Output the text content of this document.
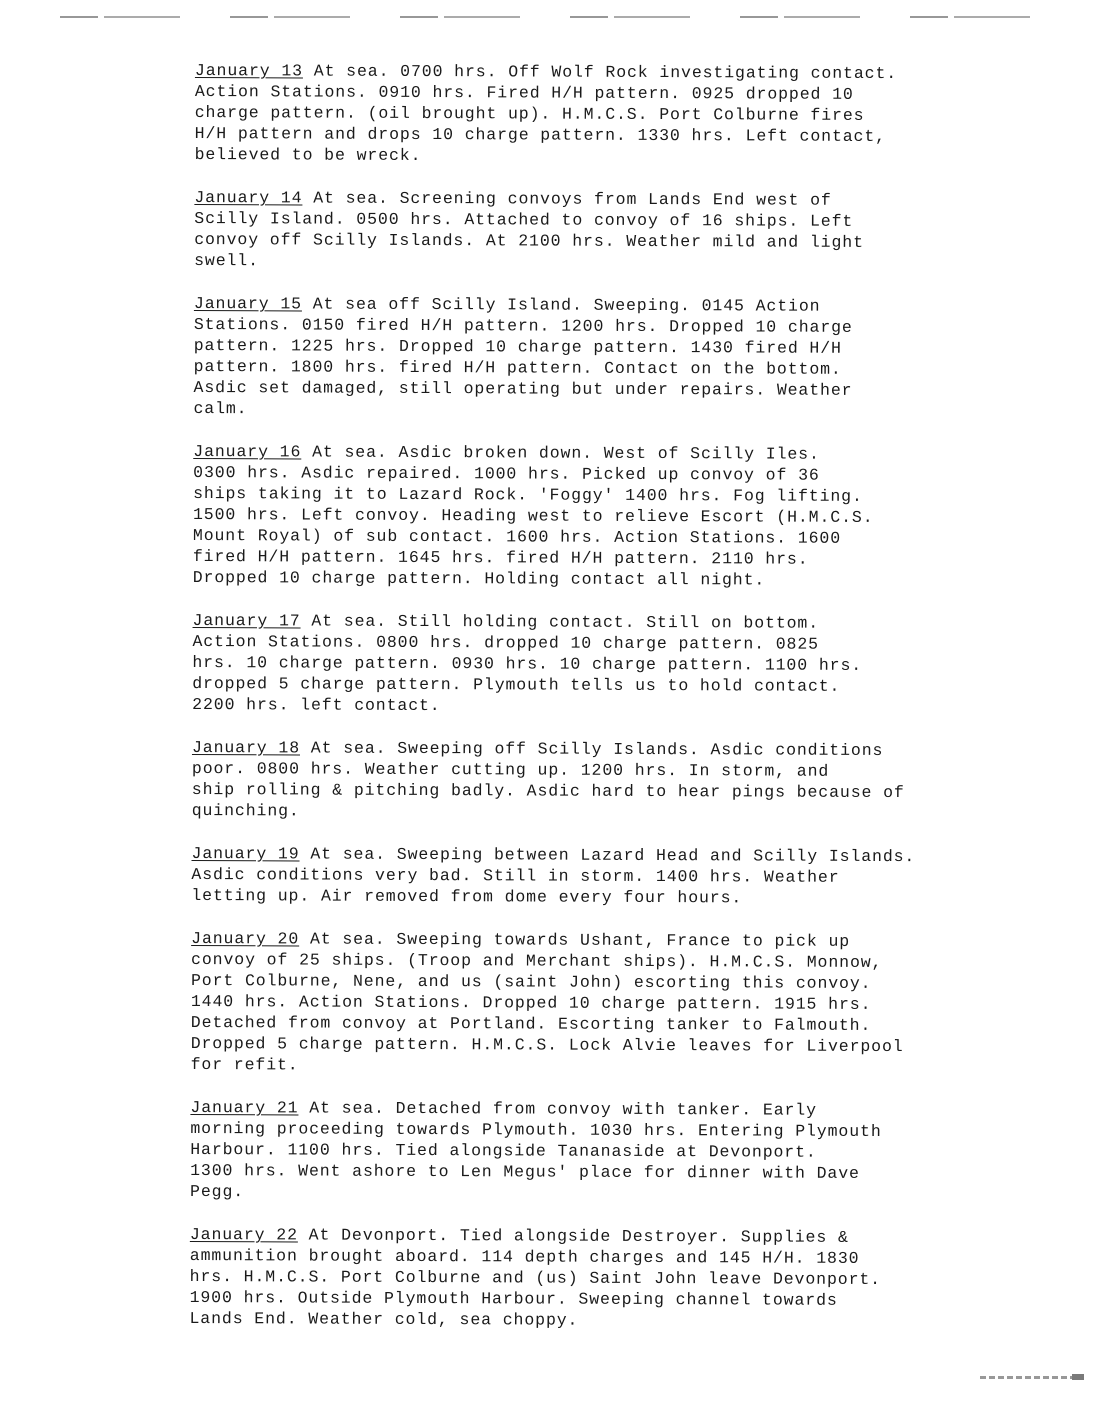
January 13 At sea. 0700 hrs. Off Wolf Rock investigating contact.
Action Stations. 0910 hrs. Fired H/H pattern. 0925 dropped 10
charge pattern. (oil brought up). H.M.C.S. Port Colburne fires
H/H pattern and drops 10 charge pattern. 1330 hrs. Left contact,
believed to be wreck.

January 14 At sea. Screening convoys from Lands End west of
Scilly Island. 0500 hrs. Attached to convoy of 16 ships. Left
convoy off Scilly Islands. At 2100 hrs. Weather mild and light
swell.

January 15 At sea off Scilly Island. Sweeping. 0145 Action
Stations. 0150 fired H/H pattern. 1200 hrs. Dropped 10 charge
pattern. 1225 hrs. Dropped 10 charge pattern. 1430 fired H/H
pattern. 1800 hrs. fired H/H pattern. Contact on the bottom.
Asdic set damaged, still operating but under repairs. Weather
calm.

January 16 At sea. Asdic broken down. West of Scilly Iles.
0300 hrs. Asdic repaired. 1000 hrs. Picked up convoy of 36
ships taking it to Lazard Rock. 'Foggy' 1400 hrs. Fog lifting.
1500 hrs. Left convoy. Heading west to relieve Escort (H.M.C.S.
Mount Royal) of sub contact. 1600 hrs. Action Stations. 1600
fired H/H pattern. 1645 hrs. fired H/H pattern. 2110 hrs.
Dropped 10 charge pattern. Holding contact all night.

January 17 At sea. Still holding contact. Still on bottom.
Action Stations. 0800 hrs. dropped 10 charge pattern. 0825
hrs. 10 charge pattern. 0930 hrs. 10 charge pattern. 1100 hrs.
dropped 5 charge pattern. Plymouth tells us to hold contact.
2200 hrs. left contact.

January 18 At sea. Sweeping off Scilly Islands. Asdic conditions
poor. 0800 hrs. Weather cutting up. 1200 hrs. In storm, and
ship rolling & pitching badly. Asdic hard to hear pings because of
quinching.

January 19 At sea. Sweeping between Lazard Head and Scilly Islands.
Asdic conditions very bad. Still in storm. 1400 hrs. Weather
letting up. Air removed from dome every four hours.

January 20 At sea. Sweeping towards Ushant, France to pick up
convoy of 25 ships. (Troop and Merchant ships). H.M.C.S. Monnow,
Port Colburne, Nene, and us (saint John) escorting this convoy.
1440 hrs. Action Stations. Dropped 10 charge pattern. 1915 hrs.
Detached from convoy at Portland. Escorting tanker to Falmouth.
Dropped 5 charge pattern. H.M.C.S. Lock Alvie leaves for Liverpool
for refit.

January 21 At sea. Detached from convoy with tanker. Early
morning proceeding towards Plymouth. 1030 hrs. Entering Plymouth
Harbour. 1100 hrs. Tied alongside Tananaside at Devonport.
1300 hrs. Went ashore to Len Megus' place for dinner with Dave
Pegg.

January 22 At Devonport. Tied alongside Destroyer. Supplies &
ammunition brought aboard. 114 depth charges and 145 H/H. 1830
hrs. H.M.C.S. Port Colburne and (us) Saint John leave Devonport.
1900 hrs. Outside Plymouth Harbour. Sweeping channel towards
Lands End. Weather cold, sea choppy.
